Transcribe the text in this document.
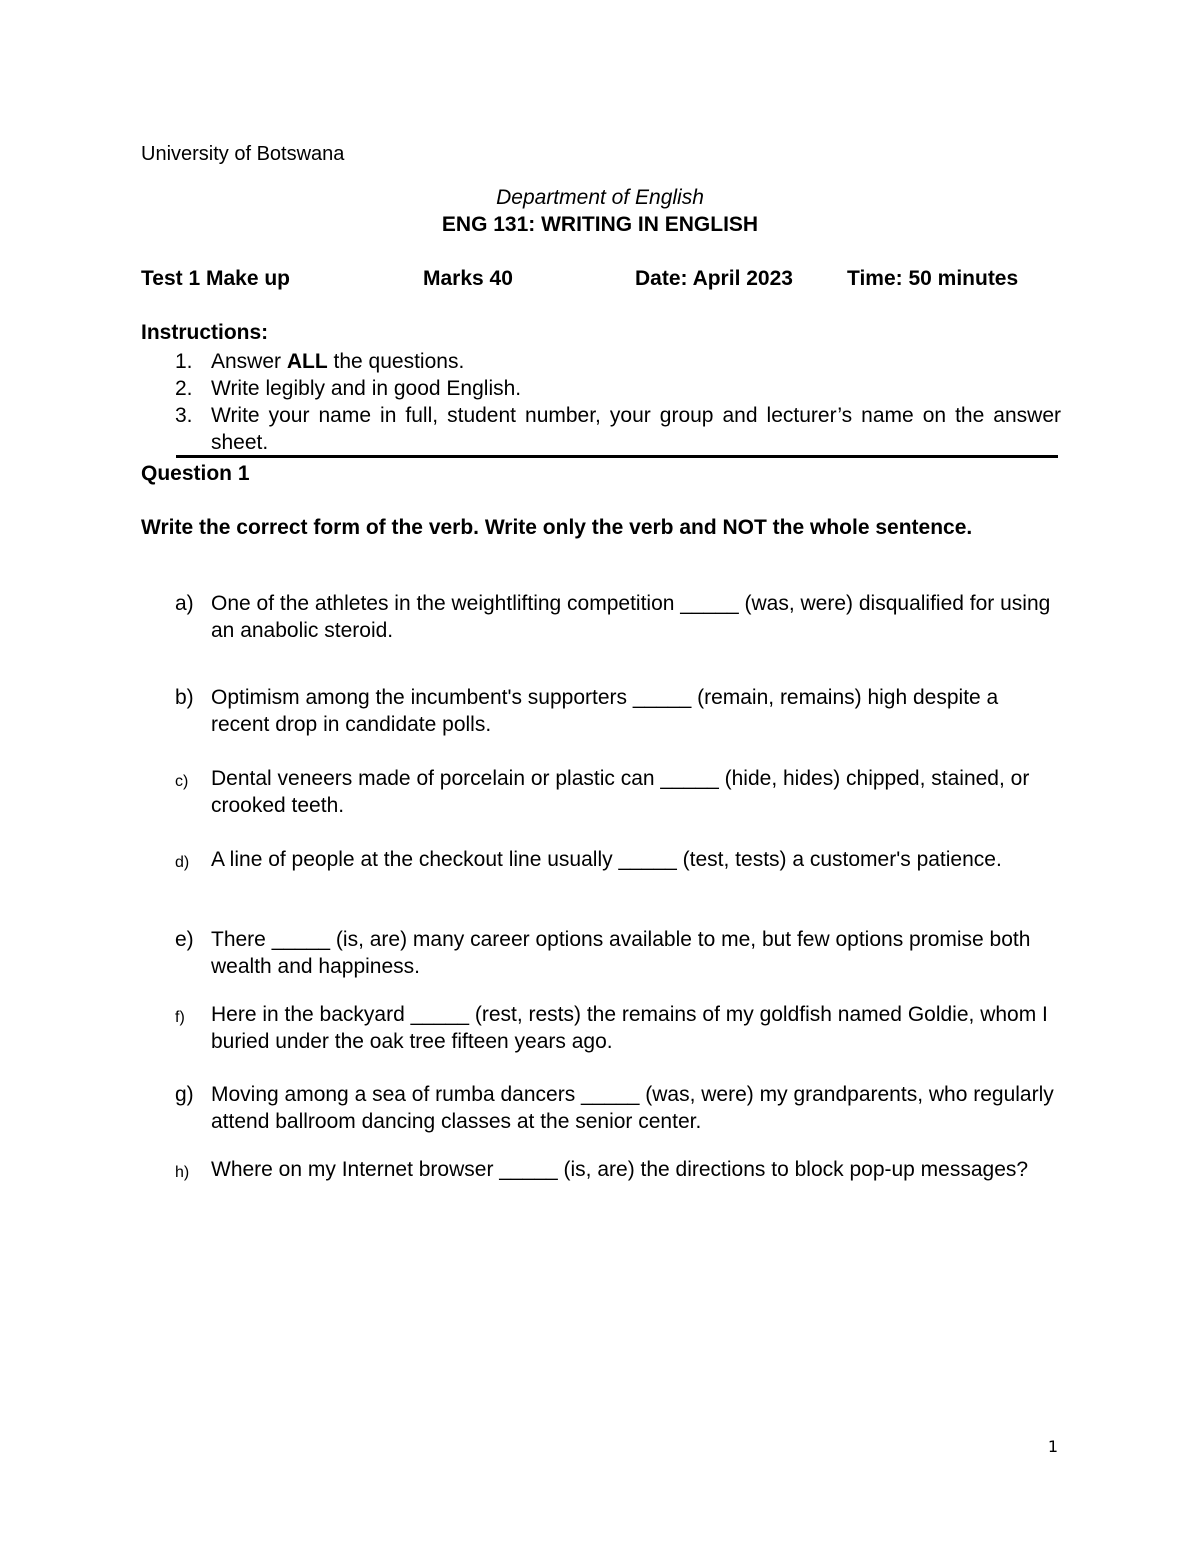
University of Botswana
Department of English
ENG 131: WRITING IN ENGLISH
Test 1 Make up	Marks 40	Date: April 2023	Time: 50 minutes
Instructions:
1. Answer ALL the questions.
2. Write legibly and in good English.
3. Write your name in full, student number, your group and lecturer’s name on the answer sheet.
Question 1
Write the correct form of the verb. Write only the verb and NOT the whole sentence.
a) One of the athletes in the weightlifting competition _____ (was, were) disqualified for using an anabolic steroid.
b) Optimism among the incumbent's supporters _____ (remain, remains) high despite a recent drop in candidate polls.
c) Dental veneers made of porcelain or plastic can _____ (hide, hides) chipped, stained, or crooked teeth.
d) A line of people at the checkout line usually _____ (test, tests) a customer's patience.
e) There _____ (is, are) many career options available to me, but few options promise both wealth and happiness.
f) Here in the backyard _____ (rest, rests) the remains of my goldfish named Goldie, whom I buried under the oak tree fifteen years ago.
g) Moving among a sea of rumba dancers _____ (was, were) my grandparents, who regularly attend ballroom dancing classes at the senior center.
h) Where on my Internet browser _____ (is, are) the directions to block pop-up messages?
1
